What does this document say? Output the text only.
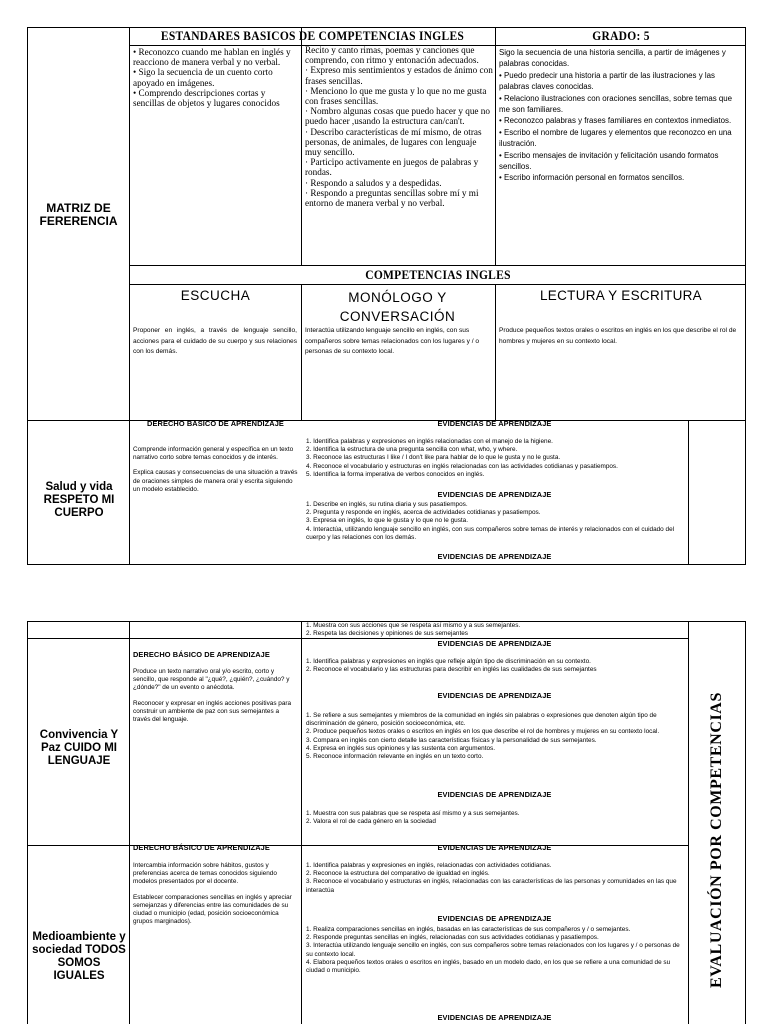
ESTANDARES BASICOS DE COMPETENCIAS INGLES	GRADO: 5
MATRIZ DE FERERENCIA
• Reconozco cuando me hablan en inglés y reacciono de manera verbal y no verbal.
• Sigo la secuencia de un cuento corto apoyado en imágenes.
• Comprendo descripciones cortas y sencillas de objetos y lugares conocidos
Recito y canto rimas, poemas y canciones que comprendo, con ritmo y entonación adecuados.
· Expreso mis sentimientos y estados de ánimo con frases sencillas.
· Menciono lo que me gusta y lo que no me gusta con frases sencillas.
· Nombro algunas cosas que puedo hacer y que no puedo hacer ,usando la estructura can/can't.
· Describo características de mí mismo, de otras personas, de animales, de lugares con lenguaje muy sencillo.
· Participo activamente en juegos de palabras y rondas.
· Respondo a saludos y a despedidas.
· Respondo a preguntas sencillas sobre mí y mi entorno de manera verbal y no verbal.
Sigo la secuencia de una historia sencilla, a partir de imágenes y palabras conocidas.
• Puedo predecir una historia a partir de las ilustraciones y las palabras claves conocidas.
• Relaciono ilustraciones con oraciones sencillas, sobre temas que me son familiares.
• Reconozco palabras y frases familiares en contextos inmediatos.
• Escribo el nombre de lugares y elementos que reconozco en una ilustración.
• Escribo mensajes de invitación y felicitación usando formatos sencillos.
• Escribo información personal en formatos sencillos.
COMPETENCIAS INGLES
ESCUCHA	MONÓLOGO Y CONVERSACIÓN
LECTURA Y ESCRITURA
Proponer en inglés, a través de lenguaje sencillo, acciones para el cuidado de su cuerpo y sus relaciones con los demás.
Interactúa utilizando lenguaje sencillo en inglés, con sus compañeros sobre temas relacionados con los lugares y / o personas de su contexto local.
Produce pequeños textos orales o escritos en inglés en los que describe el rol de hombres y mujeres en su contexto local.
Salud y vida RESPETO MI CUERPO
DERECHO BASICO DE APRENDIZAJE
Comprende información general y específica en un texto narrativo corto sobre temas conocidos y de interés.
Explica causas y consecuencias de una situación a través de oraciones simples de manera oral y escrita siguiendo un modelo establecido.
EVIDENCIAS DE APRENDIZAJE
1. Identifica palabras y expresiones en inglés relacionadas con el manejo de la higiene.
2. Identifica la estructura de una pregunta sencilla con what, who, y where.
3. Reconoce las estructuras I like / I don't like para hablar de lo que le gusta y no le gusta.
4. Reconoce el vocabulario y estructuras en inglés relacionadas con las actividades cotidianas y pasatiempos.
5. Identifica la forma imperativa de verbos conocidos en inglés.
EVIDENCIAS DE APRENDIZAJE
1. Describe en inglés, su rutina diaria y sus pasatiempos.
2. Pregunta y responde en inglés, acerca de actividades cotidianas y pasatiempos.
3. Expresa en inglés, lo que le gusta y lo que no le gusta.
4. Interactúa, utilizando lenguaje sencillo en inglés, con sus compañeros sobre temas de interés y relacionados con el cuidado del cuerpo y las relaciones con los demás.
EVIDENCIAS DE APRENDIZAJE
1. Muestra con sus acciones que se respeta así mismo y a sus semejantes.
2. Respeta las decisiones y opiniones de sus semejantes
Convivencia Y Paz CUIDO MI LENGUAJE
DERECHO BÁSICO DE APRENDIZAJE
Produce un texto narrativo oral y/o escrito, corto y sencillo, que responde al "¿qué?, ¿quién?, ¿cuándo? y ¿dónde?" de un evento o anécdota.
Reconocer y expresar en inglés acciones positivas para construir un ambiente de paz con sus semejantes a través del lenguaje.
EVIDENCIAS DE APRENDIZAJE
1. Identifica palabras y expresiones en inglés que refleje algún tipo de discriminación en su contexto.
2. Reconoce el vocabulario y las estructuras para describir en inglés las cualidades de sus semejantes
EVIDENCIAS DE APRENDIZAJE
1. Se refiere a sus semejantes y miembros de la comunidad en inglés sin palabras o expresiones que denoten algún tipo de discriminación de género, posición socioeconómica, etc.
2. Produce pequeños textos orales o escritos en inglés en los que describe el rol de hombres y mujeres en su contexto local.
3. Compara en inglés con cierto detalle las características físicas y la personalidad de sus semejantes.
4. Expresa en inglés sus opiniones y las sustenta con argumentos.
5. Reconoce información relevante en inglés en un texto corto.
EVIDENCIAS DE APRENDIZAJE
1. Muestra con sus palabras que se respeta así mismo y a sus semejantes.
2. Valora el rol de cada género en la sociedad
Medioambiente y sociedad TODOS SOMOS IGUALES
DERECHO BÁSICO DE APRENDIZAJE
Intercambia información sobre hábitos, gustos y preferencias acerca de temas conocidos siguiendo modelos presentados por el docente.
Establecer comparaciones sencillas en inglés y apreciar semejanzas y diferencias entre las comunidades de su ciudad o municipio (edad, posición socioeconómica grupos marginados).
EVIDENCIAS DE APRENDIZAJE
1. Identifica palabras y expresiones en inglés, relacionadas con actividades cotidianas.
2. Reconoce la estructura del comparativo de igualdad en inglés.
3. Reconoce el vocabulario y estructuras en inglés, relacionadas con las características de las personas y comunidades en las que interactúa
EVIDENCIAS DE APRENDIZAJE
1. Realiza comparaciones sencillas en inglés, basadas en las características de sus compañeros y / o semejantes.
2. Responde preguntas sencillas en inglés, relacionadas con sus actividades cotidianas y pasatiempos.
3. Interactúa utilizando lenguaje sencillo en inglés, con sus compañeros sobre temas relacionados con los lugares y / o personas de su contexto local.
4. Elabora pequeños textos orales o escritos en inglés, basado en un modelo dado, en los que se refiere a una comunidad de su ciudad o municipio.
EVIDENCIAS DE APRENDIZAJE
EVALUACIÓN POR COMPETENCIAS
